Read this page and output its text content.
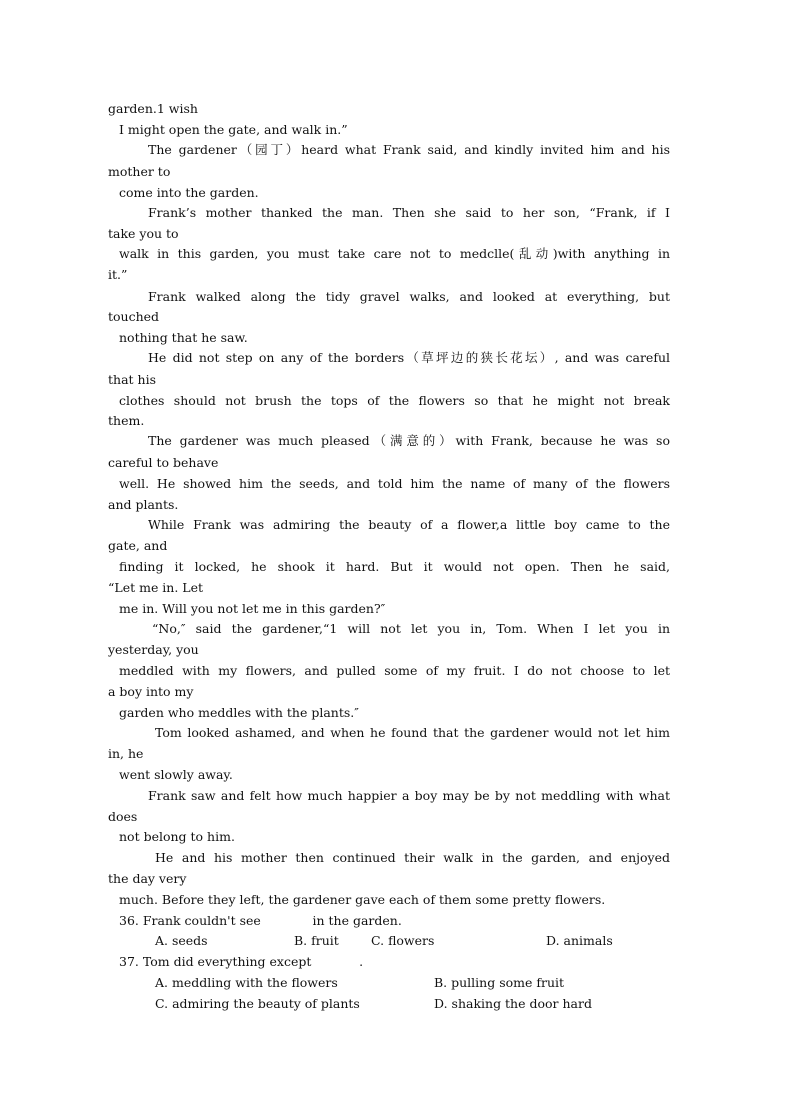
garden.1 wish
I might open the gate, and walk in.”
The gardener（园丁）heard what Frank said, and kindly invited him and his
mother to
come into the garden.
Frank’s mother thanked the man. Then she said to her son, “Frank, if I
take you to
walk in this garden, you must take care not to medclle(乱动)with anything in
it.”
Frank walked along the tidy gravel walks, and looked at everything, but
touched
nothing that he saw.
He did not step on any of the borders（草坪边的狭长花坛）, and was careful
that his
clothes should not brush the tops of the flowers so that he might not break
them.
The gardener was much pleased（满意的）with Frank, because he was so
careful to behave
well. He showed him the seeds, and told him the name of many of the flowers
and plants.
While Frank was admiring the beauty of a flower,a little boy came to the
gate, and
finding it locked, he shook it hard. But it would not open. Then he said,
“Let me in. Let
me in. Will you not let me in this garden?″
“No,″ said the gardener,“1 will not let you in, Tom. When I let you in
yesterday, you
meddled with my flowers, and pulled some of my fruit. I do not choose to let
a boy into my
garden who meddles with the plants.″
Tom looked ashamed, and when he found that the gardener would not let him
in, he
went slowly away.
Frank saw and felt how much happier a boy may be by not meddling with what
does
not belong to him.
He and his mother then continued their walk in the garden, and enjoyed
the day very
much. Before they left, the gardener gave each of them some pretty flowers.
36. Frank couldn't see             in the garden.
A. seeds	B. fruit	C. flowers	D. animals
37. Tom did everything except            .
A. meddling with the flowers	B. pulling some fruit
C. admiring the beauty of plants	D. shaking the door hard
